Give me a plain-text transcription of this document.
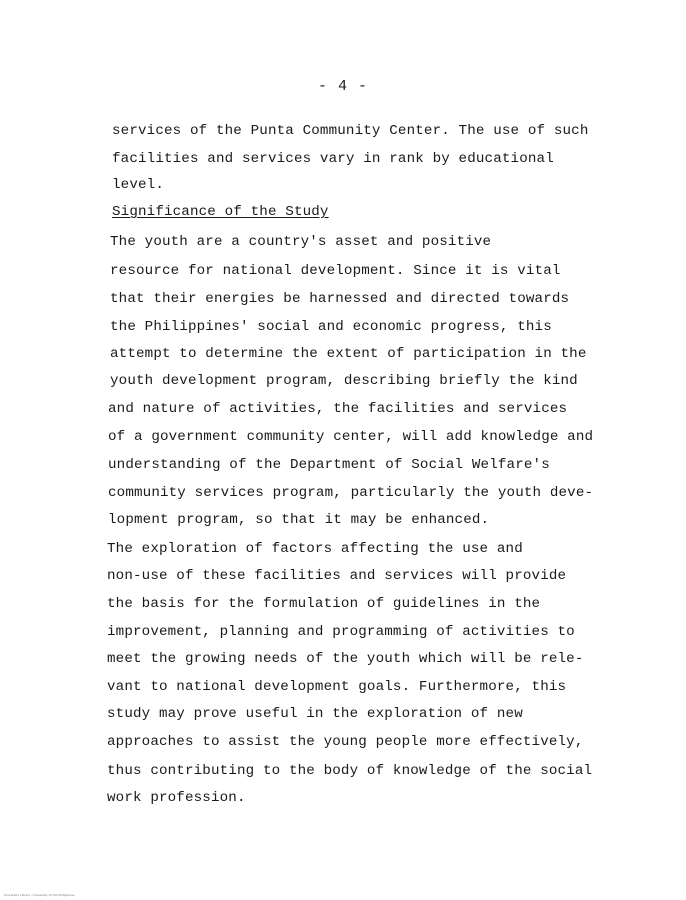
- 4 -
services of the Punta Community Center. The use of such
facilities and services vary in rank by educational
level.
Significance of the Study
The youth are a country's asset and positive
resource for national development. Since it is vital
that their energies be harnessed and directed towards
the Philippines' social and economic progress, this
attempt to determine the extent of participation in the
youth development program, describing briefly the kind
and nature of activities, the facilities and services
of a government community center, will add knowledge and
understanding of the Department of Social Welfare's
community services program, particularly the youth deve-
lopment program, so that it may be enhanced.
The exploration of factors affecting the use and
non-use of these facilities and services will provide
the basis for the formulation of guidelines in the
improvement, planning and programming of activities to
meet the growing needs of the youth which will be rele-
vant to national development goals. Furthermore, this
study may prove useful in the exploration of new
approaches to assist the young people more effectively,
thus contributing to the body of knowledge of the social
work profession.
University Library, University of the Philippines
